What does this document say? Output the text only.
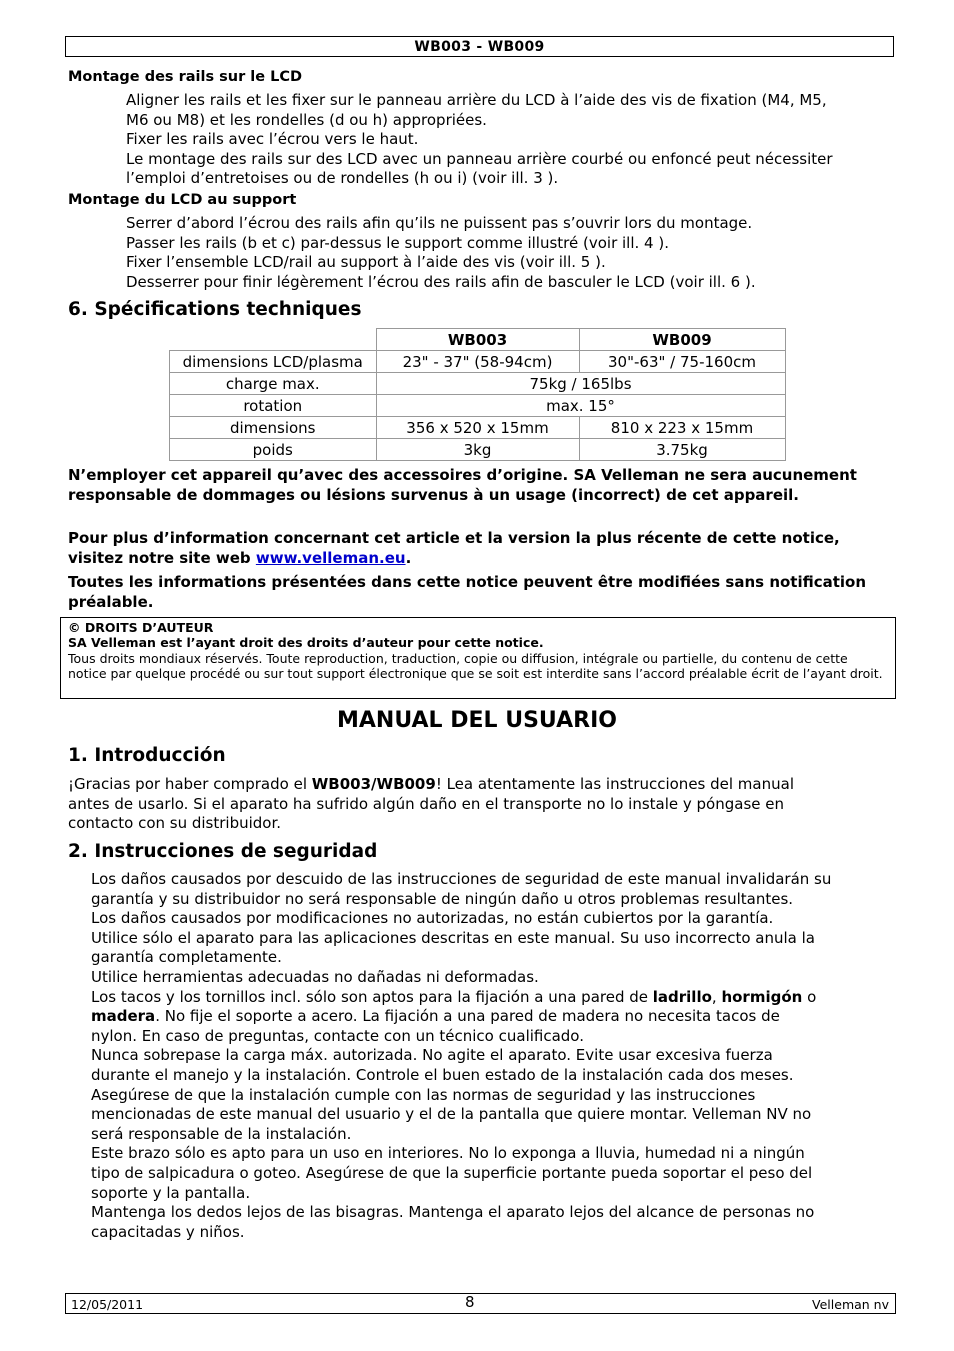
WB003 - WB009
Montage des rails sur le LCD
Aligner les rails et les fixer sur le panneau arrière du LCD à l’aide des vis de fixation (M4, M5,
M6 ou M8) et les rondelles (d ou h) appropriées.
Fixer les rails avec l’écrou vers le haut.
Le montage des rails sur des LCD avec un panneau arrière courbé ou enfoncé peut nécessiter
l’emploi d’entretoises ou de rondelles (h ou i) (voir ill. 3 ).
Montage du LCD au support
Serrer d’abord l’écrou des rails afin qu’ils ne puissent pas s’ouvrir lors du montage.
Passer les rails (b et c) par-dessus le support comme illustré (voir ill. 4 ).
Fixer l’ensemble LCD/rail au support à l’aide des vis (voir ill. 5 ).
Desserrer pour finir légèrement l’écrou des rails afin de basculer le LCD (voir ill. 6 ).
6. Spécifications techniques
	WB003	WB009
dimensions LCD/plasma	23" - 37" (58-94cm)	30"-63" / 75-160cm
charge max.	75kg / 165lbs	
rotation	max. 15°	
dimensions	356 x 520 x 15mm	810 x 223 x 15mm
poids	3kg	3.75kg
N’employer cet appareil qu’avec des accessoires d’origine. SA Velleman ne sera aucunement responsable de dommages ou lésions survenus à un usage (incorrect) de cet appareil.
Pour plus d’information concernant cet article et la version la plus récente de cette notice, visitez notre site web www.velleman.eu.
Toutes les informations présentées dans cette notice peuvent être modifiées sans notification préalable.
© DROITS D’AUTEUR
SA Velleman est l’ayant droit des droits d’auteur pour cette notice.
Tous droits mondiaux réservés. Toute reproduction, traduction, copie ou diffusion, intégrale ou partielle, du contenu de cette notice par quelque procédé ou sur tout support électronique que se soit est interdite sans l’accord préalable écrit de l’ayant droit.
MANUAL DEL USUARIO
1. Introducción
¡Gracias por haber comprado el WB003/WB009! Lea atentamente las instrucciones del manual
antes de usarlo. Si el aparato ha sufrido algún daño en el transporte no lo instale y póngase en
contacto con su distribuidor.
2. Instrucciones de seguridad
Los daños causados por descuido de las instrucciones de seguridad de este manual invalidarán su
garantía y su distribuidor no será responsable de ningún daño u otros problemas resultantes.
Los daños causados por modificaciones no autorizadas, no están cubiertos por la garantía.
Utilice sólo el aparato para las aplicaciones descritas en este manual. Su uso incorrecto anula la
garantía completamente.
Utilice herramientas adecuadas no dañadas ni deformadas.
Los tacos y los tornillos incl. sólo son aptos para la fijación a una pared de ladrillo, hormigón o
madera. No fije el soporte a acero. La fijación a una pared de madera no necesita tacos de
nylon. En caso de preguntas, contacte con un técnico cualificado.
Nunca sobrepase la carga máx. autorizada. No agite el aparato. Evite usar excesiva fuerza
durante el manejo y la instalación. Controle el buen estado de la instalación cada dos meses.
Asegúrese de que la instalación cumple con las normas de seguridad y las instrucciones
mencionadas de este manual del usuario y el de la pantalla que quiere montar. Velleman NV no
será responsable de la instalación.
Este brazo sólo es apto para un uso en interiores. No lo exponga a lluvia, humedad ni a ningún
tipo de salpicadura o goteo. Asegúrese de que la superficie portante pueda soportar el peso del
soporte y la pantalla.
Mantenga los dedos lejos de las bisagras. Mantenga el aparato lejos del alcance de personas no
capacitadas y niños.
12/05/2011	8	Velleman nv
